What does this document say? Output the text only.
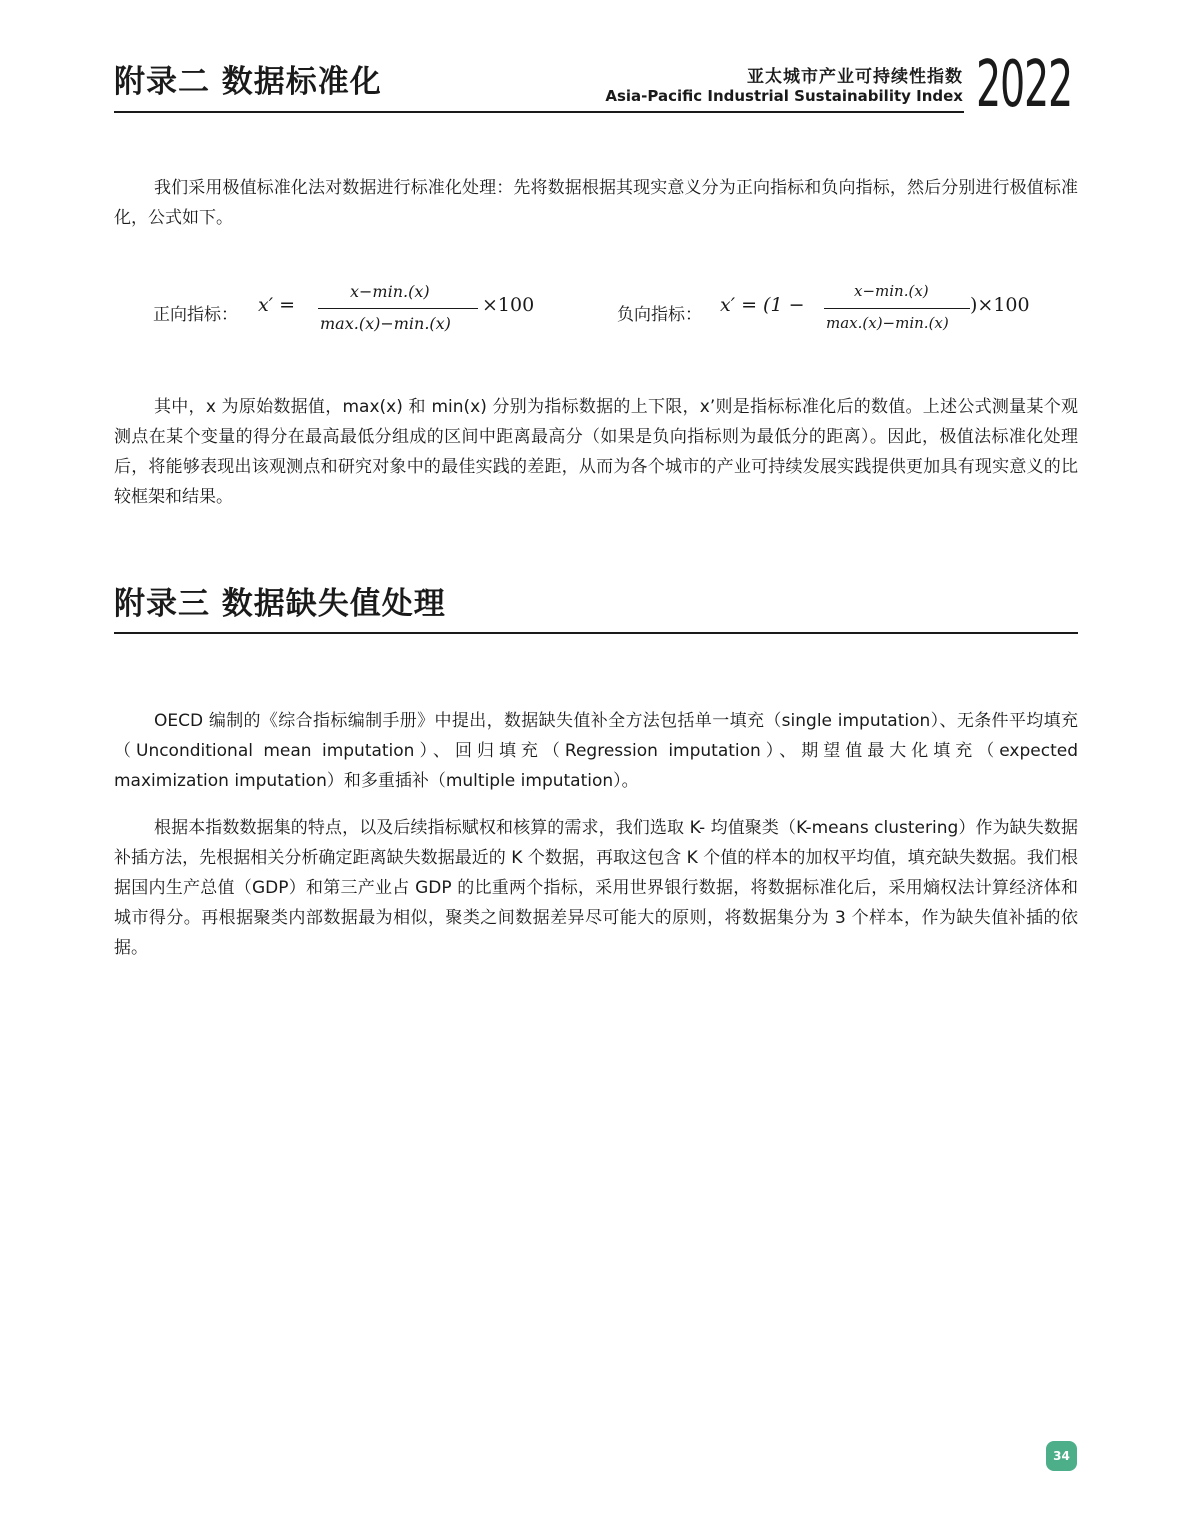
附录二 数据标准化	亚太城市产业可持续性指数
Asia-Pacific Industrial Sustainability Index 2022

我们采用极值标准化法对数据进行标准化处理：先将数据根据其现实意义分为正向指标和负向指标，然后分别进行极值标准化，公式如下。

正向指标： x′ =
x−min.(x)
max.(x)−min.(x)
×100	负向指标： x′ = (1 −
x−min.(x)
max.(x)−min.(x)
)×100

其中，x 为原始数据值，max(x) 和 min(x) 分别为指标数据的上下限，x’则是指标标准化后的数值。上述公式测量某个观测点在某个变量的得分在最高最低分组成的区间中距离最高分（如果是负向指标则为最低分的距离）。因此，极值法标准化处理后，将能够表现出该观测点和研究对象中的最佳实践的差距，从而为各个城市的产业可持续发展实践提供更加具有现实意义的比较框架和结果。

附录三 数据缺失值处理

OECD 编制的《综合指标编制手册》中提出，数据缺失值补全方法包括单一填充（single imputation）、无条件平均填充（Unconditional mean imputation）、回归填充（Regression imputation）、期望值最大化填充（expected maximization imputation）和多重插补（multiple imputation）。

根据本指数数据集的特点，以及后续指标赋权和核算的需求，我们选取 K- 均值聚类（K-means clustering）作为缺失数据补插方法，先根据相关分析确定距离缺失数据最近的 K 个数据，再取这包含 K 个值的样本的加权平均值，填充缺失数据。我们根据国内生产总值（GDP）和第三产业占 GDP 的比重两个指标，采用世界银行数据，将数据标准化后，采用熵权法计算经济体和城市得分。再根据聚类内部数据最为相似，聚类之间数据差异尽可能大的原则，将数据集分为 3 个样本，作为缺失值补插的依据。

34
